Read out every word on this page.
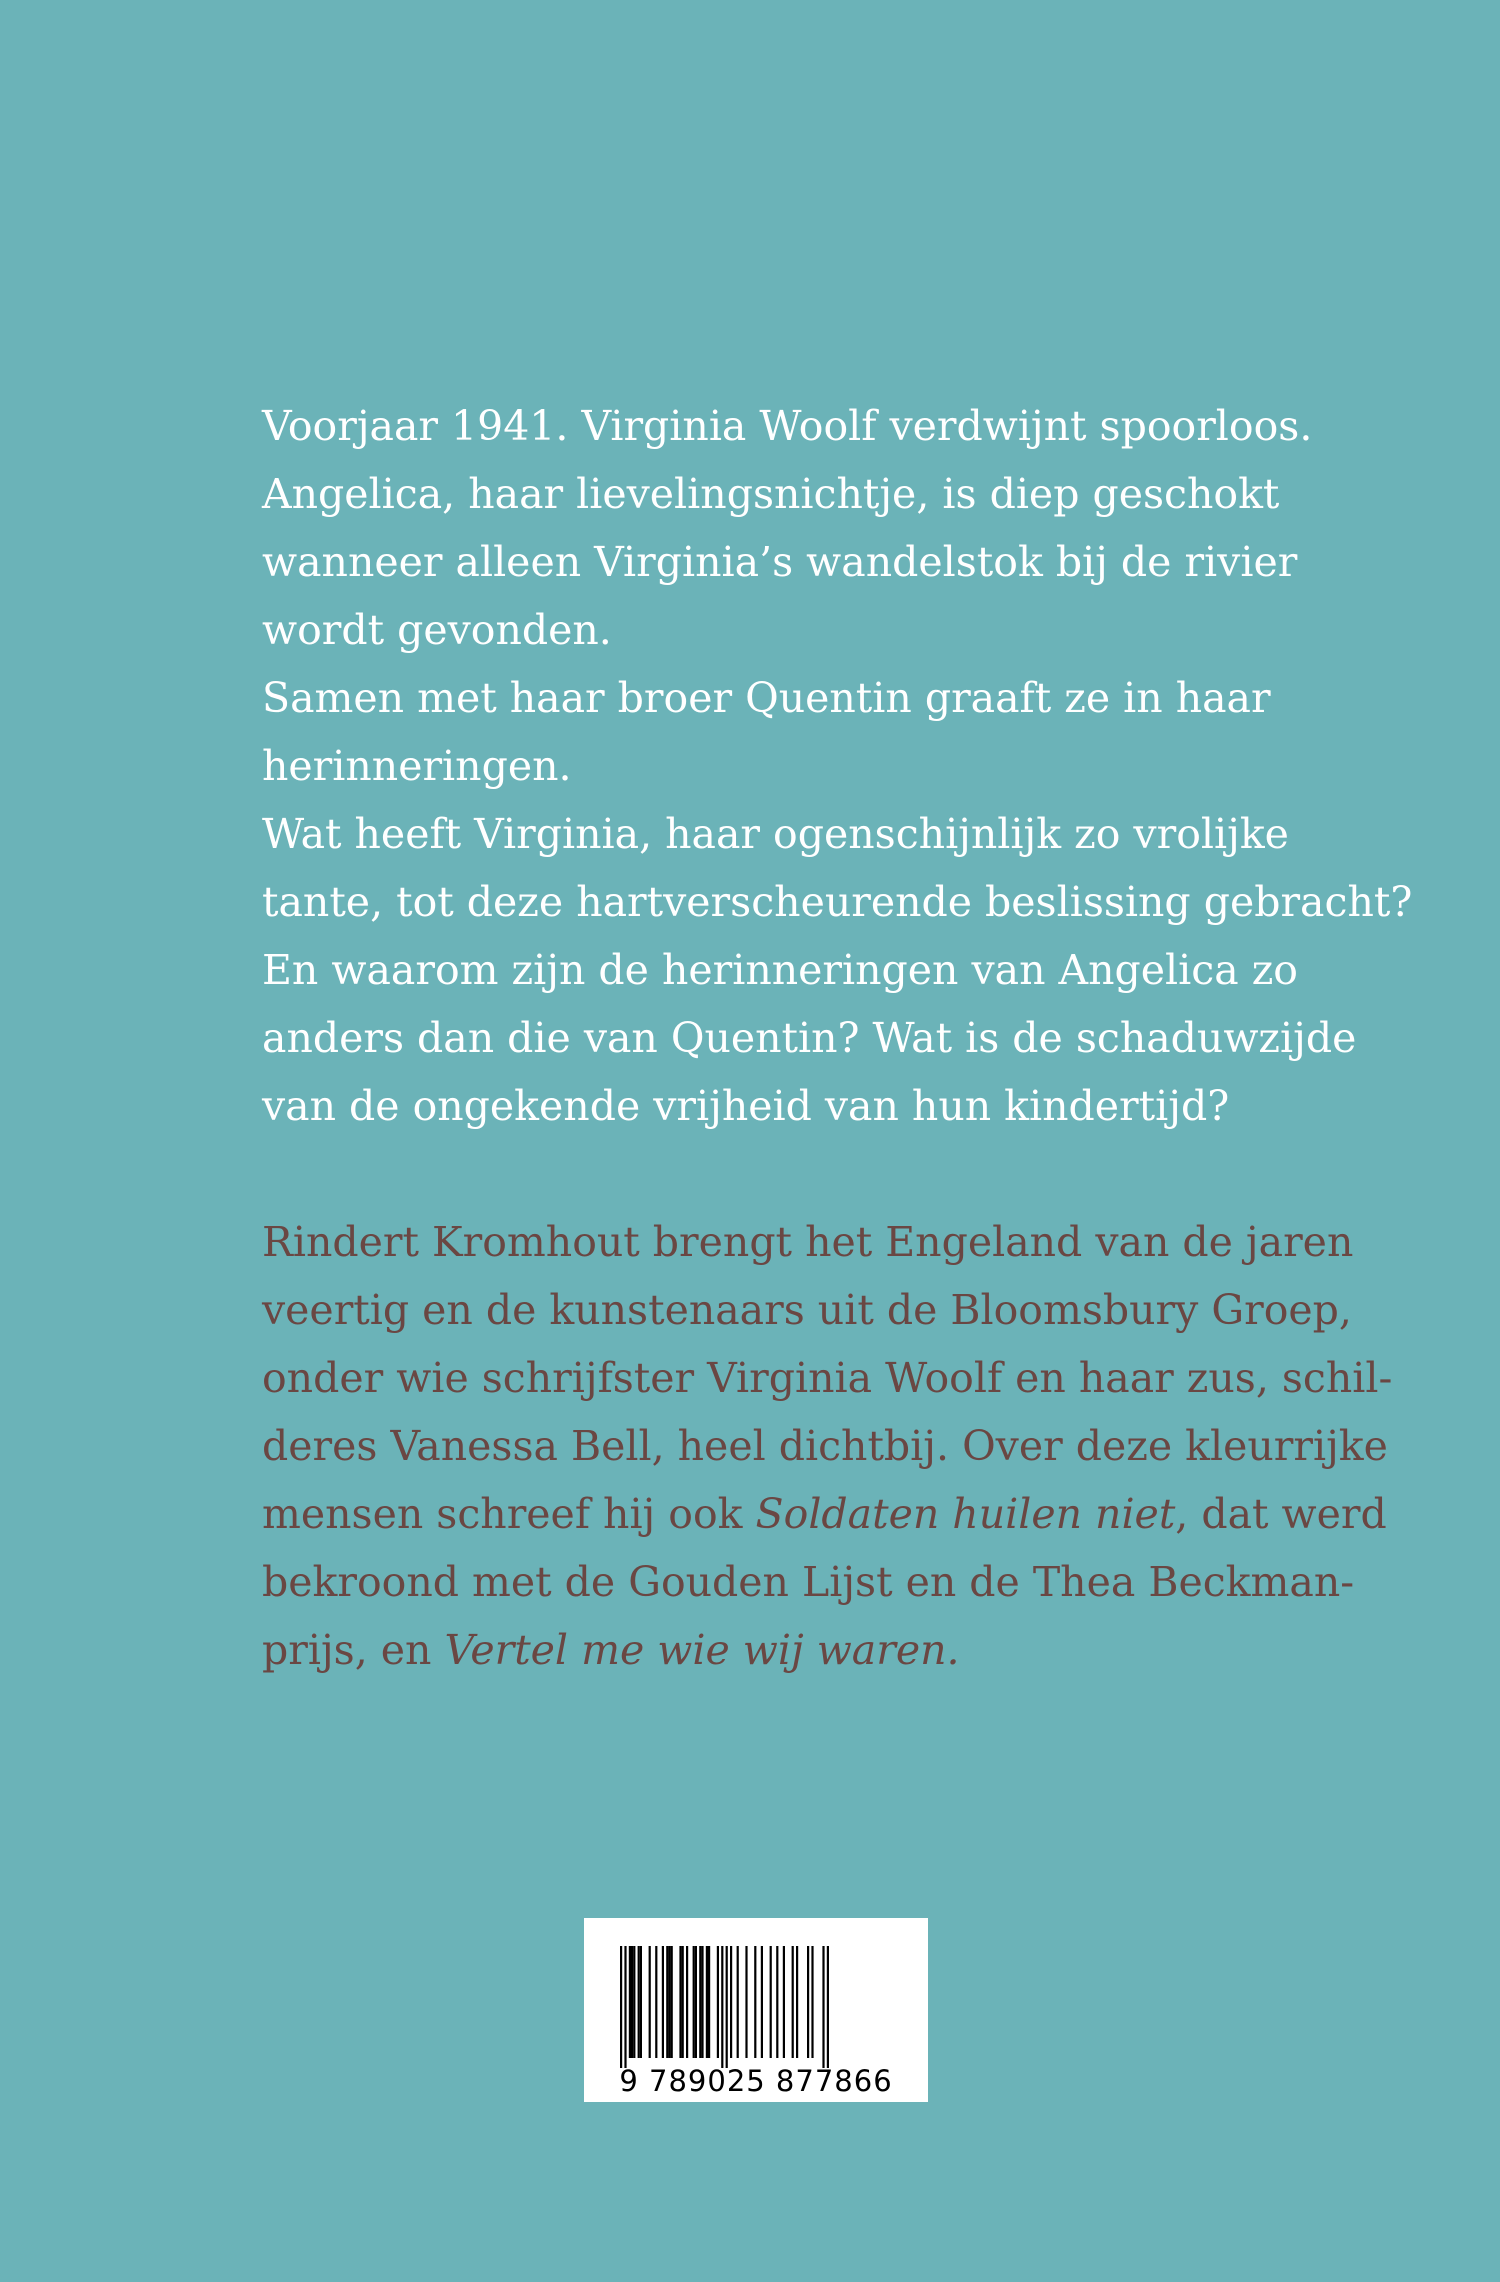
Voorjaar 1941. Virginia Woolf verdwijnt spoorloos.

Angelica, haar lievelingsnichtje, is diep geschokt

wanneer alleen Virginia’s wandelstok bij de rivier

wordt gevonden.

Samen met haar broer Quentin graaft ze in haar

herinneringen.

Wat heeft Virginia, haar ogenschijnlijk zo vrolijke

tante, tot deze hartverscheurende beslissing gebracht?

En waarom zijn de herinneringen van Angelica zo

anders dan die van Quentin? Wat is de schaduwzijde

van de ongekende vrijheid van hun kindertijd?

Rindert Kromhout brengt het Engeland van de jaren

veertig en de kunstenaars uit de Bloomsbury Groep,

onder wie schrijfster Virginia Woolf en haar zus, schil-

deres Vanessa Bell, heel dichtbij. Over deze kleurrijke

mensen schreef hij ook Soldaten huilen niet, dat werd

bekroond met de Gouden Lijst en de Thea Beckman-

prijs, en Vertel me wie wij waren.

9 789025 877866
